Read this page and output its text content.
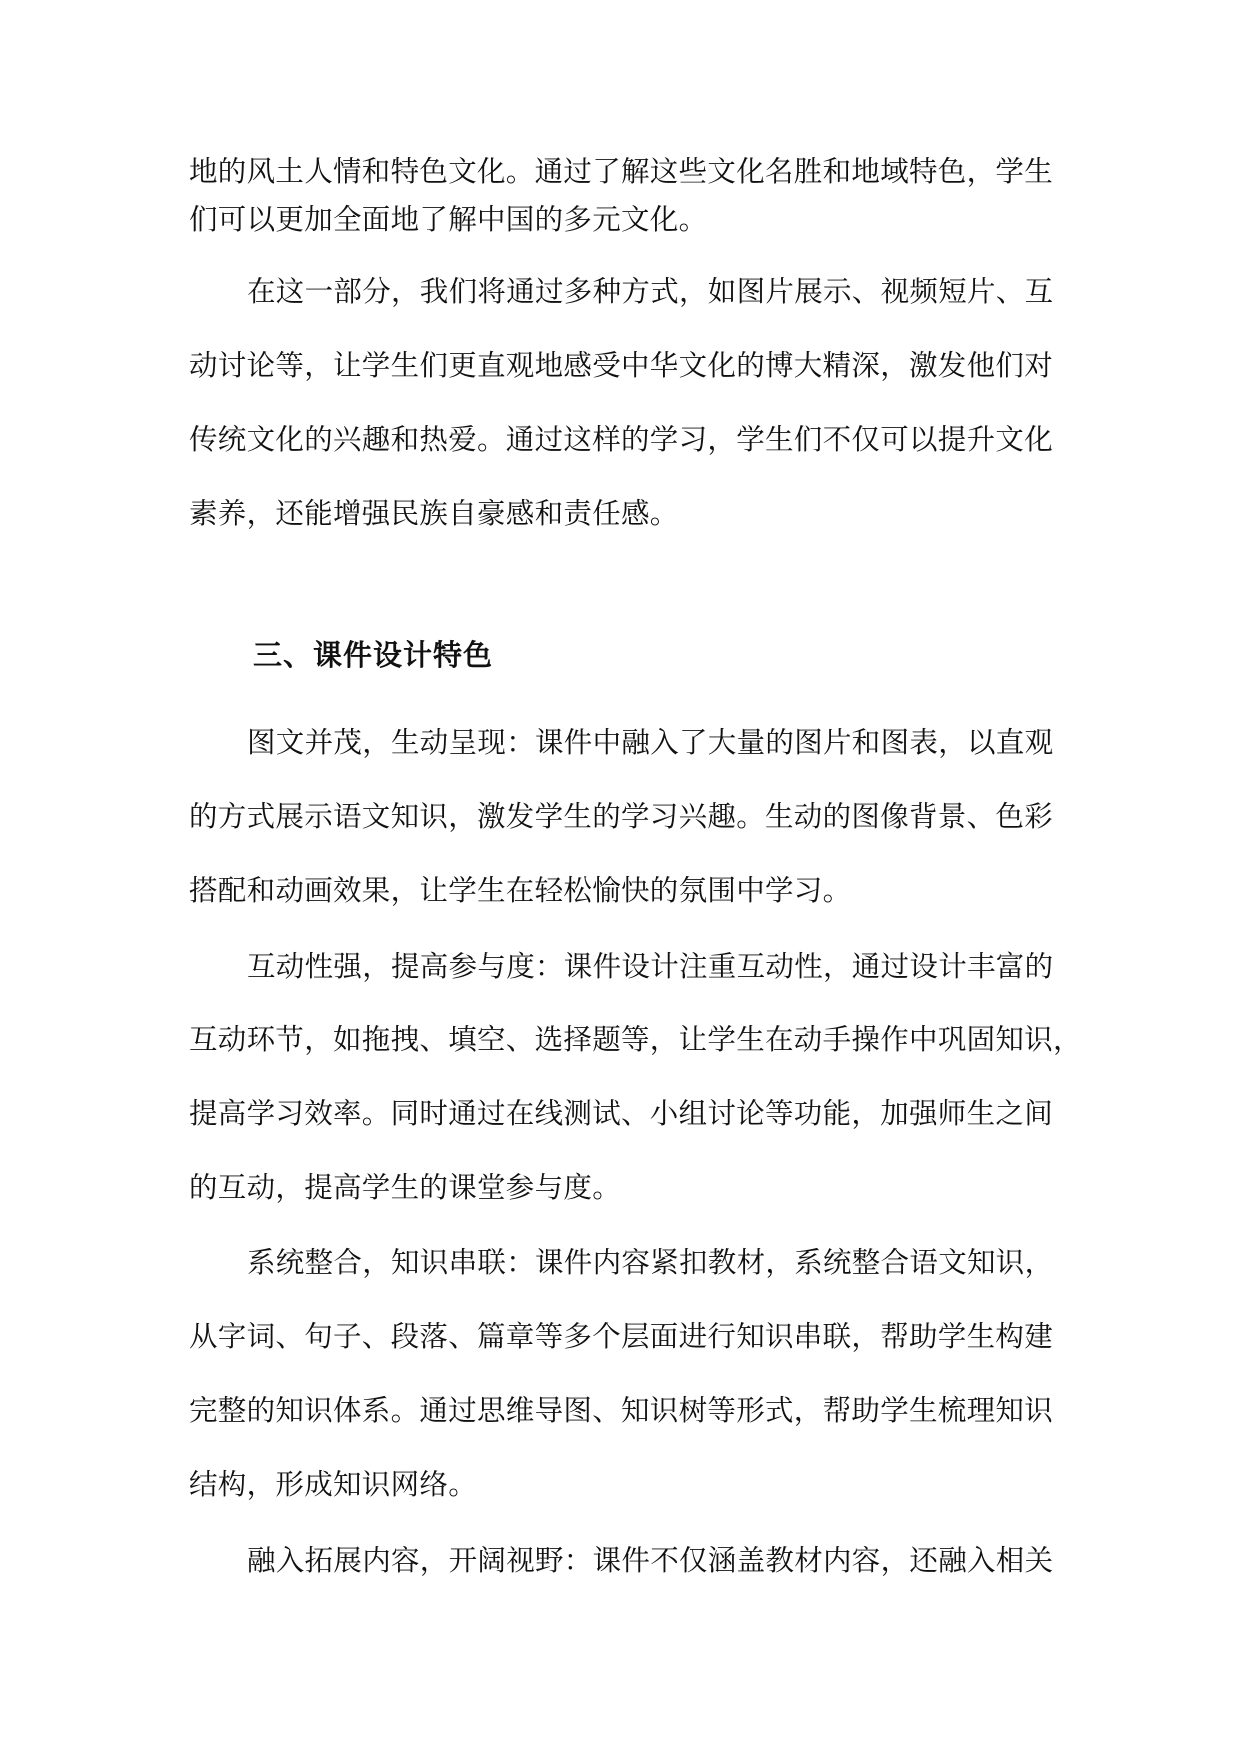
地的风土人情和特色文化。通过了解这些文化名胜和地域特色，学生
们可以更加全面地了解中国的多元文化。
在这一部分，我们将通过多种方式，如图片展示、视频短片、互
动讨论等，让学生们更直观地感受中华文化的博大精深，激发他们对
传统文化的兴趣和热爱。通过这样的学习，学生们不仅可以提升文化
素养，还能增强民族自豪感和责任感。
三、课件设计特色
图文并茂，生动呈现：课件中融入了大量的图片和图表，以直观
的方式展示语文知识，激发学生的学习兴趣。生动的图像背景、色彩
搭配和动画效果，让学生在轻松愉快的氛围中学习。
互动性强，提高参与度：课件设计注重互动性，通过设计丰富的
互动环节，如拖拽、填空、选择题等，让学生在动手操作中巩固知识，
提高学习效率。同时通过在线测试、小组讨论等功能，加强师生之间
的互动，提高学生的课堂参与度。
系统整合，知识串联：课件内容紧扣教材，系统整合语文知识，
从字词、句子、段落、篇章等多个层面进行知识串联，帮助学生构建
完整的知识体系。通过思维导图、知识树等形式，帮助学生梳理知识
结构，形成知识网络。
融入拓展内容，开阔视野：课件不仅涵盖教材内容，还融入相关
